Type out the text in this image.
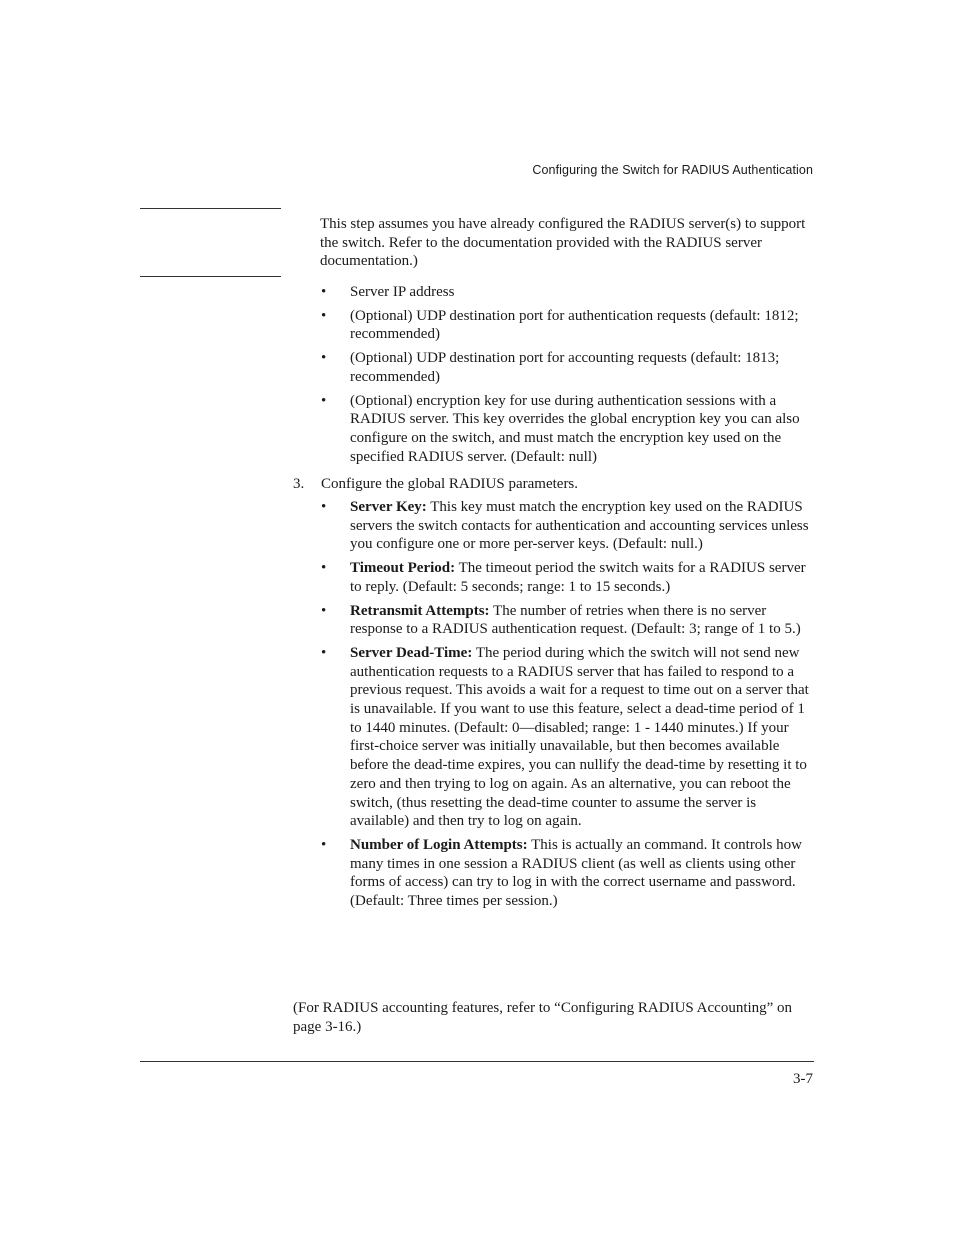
Configuring the Switch for RADIUS Authentication
This step assumes you have already configured the RADIUS server(s) to support the switch. Refer to the documentation provided with the RADIUS server documentation.)
• Server IP address
• (Optional) UDP destination port for authentication requests (default: 1812; recommended)
• (Optional) UDP destination port for accounting requests (default: 1813; recommended)
• (Optional) encryption key for use during authentication sessions with a RADIUS server. This key overrides the global encryption key you can also configure on the switch, and must match the encryption key used on the specified RADIUS server. (Default: null)
3. Configure the global RADIUS parameters.
• Server Key: This key must match the encryption key used on the RADIUS servers the switch contacts for authentication and accounting services unless you configure one or more per-server keys. (Default: null.)
• Timeout Period: The timeout period the switch waits for a RADIUS server to reply. (Default: 5 seconds; range: 1 to 15 seconds.)
• Retransmit Attempts: The number of retries when there is no server response to a RADIUS authentication request. (Default: 3; range of 1 to 5.)
• Server Dead-Time: The period during which the switch will not send new authentication requests to a RADIUS server that has failed to respond to a previous request. This avoids a wait for a request to time out on a server that is unavailable. If you want to use this feature, select a dead-time period of 1 to 1440 minutes. (Default: 0—disabled; range: 1 - 1440 minutes.) If your first-choice server was initially unavailable, but then becomes available before the dead-time expires, you can nullify the dead-time by resetting it to zero and then trying to log on again. As an alternative, you can reboot the switch, (thus resetting the dead-time counter to assume the server is available) and then try to log on again.
• Number of Login Attempts: This is actually an command. It controls how many times in one session a RADIUS client (as well as clients using other forms of access) can try to log in with the correct username and password. (Default: Three times per session.)
(For RADIUS accounting features, refer to “Configuring RADIUS Accounting” on page 3-16.)
3-7
